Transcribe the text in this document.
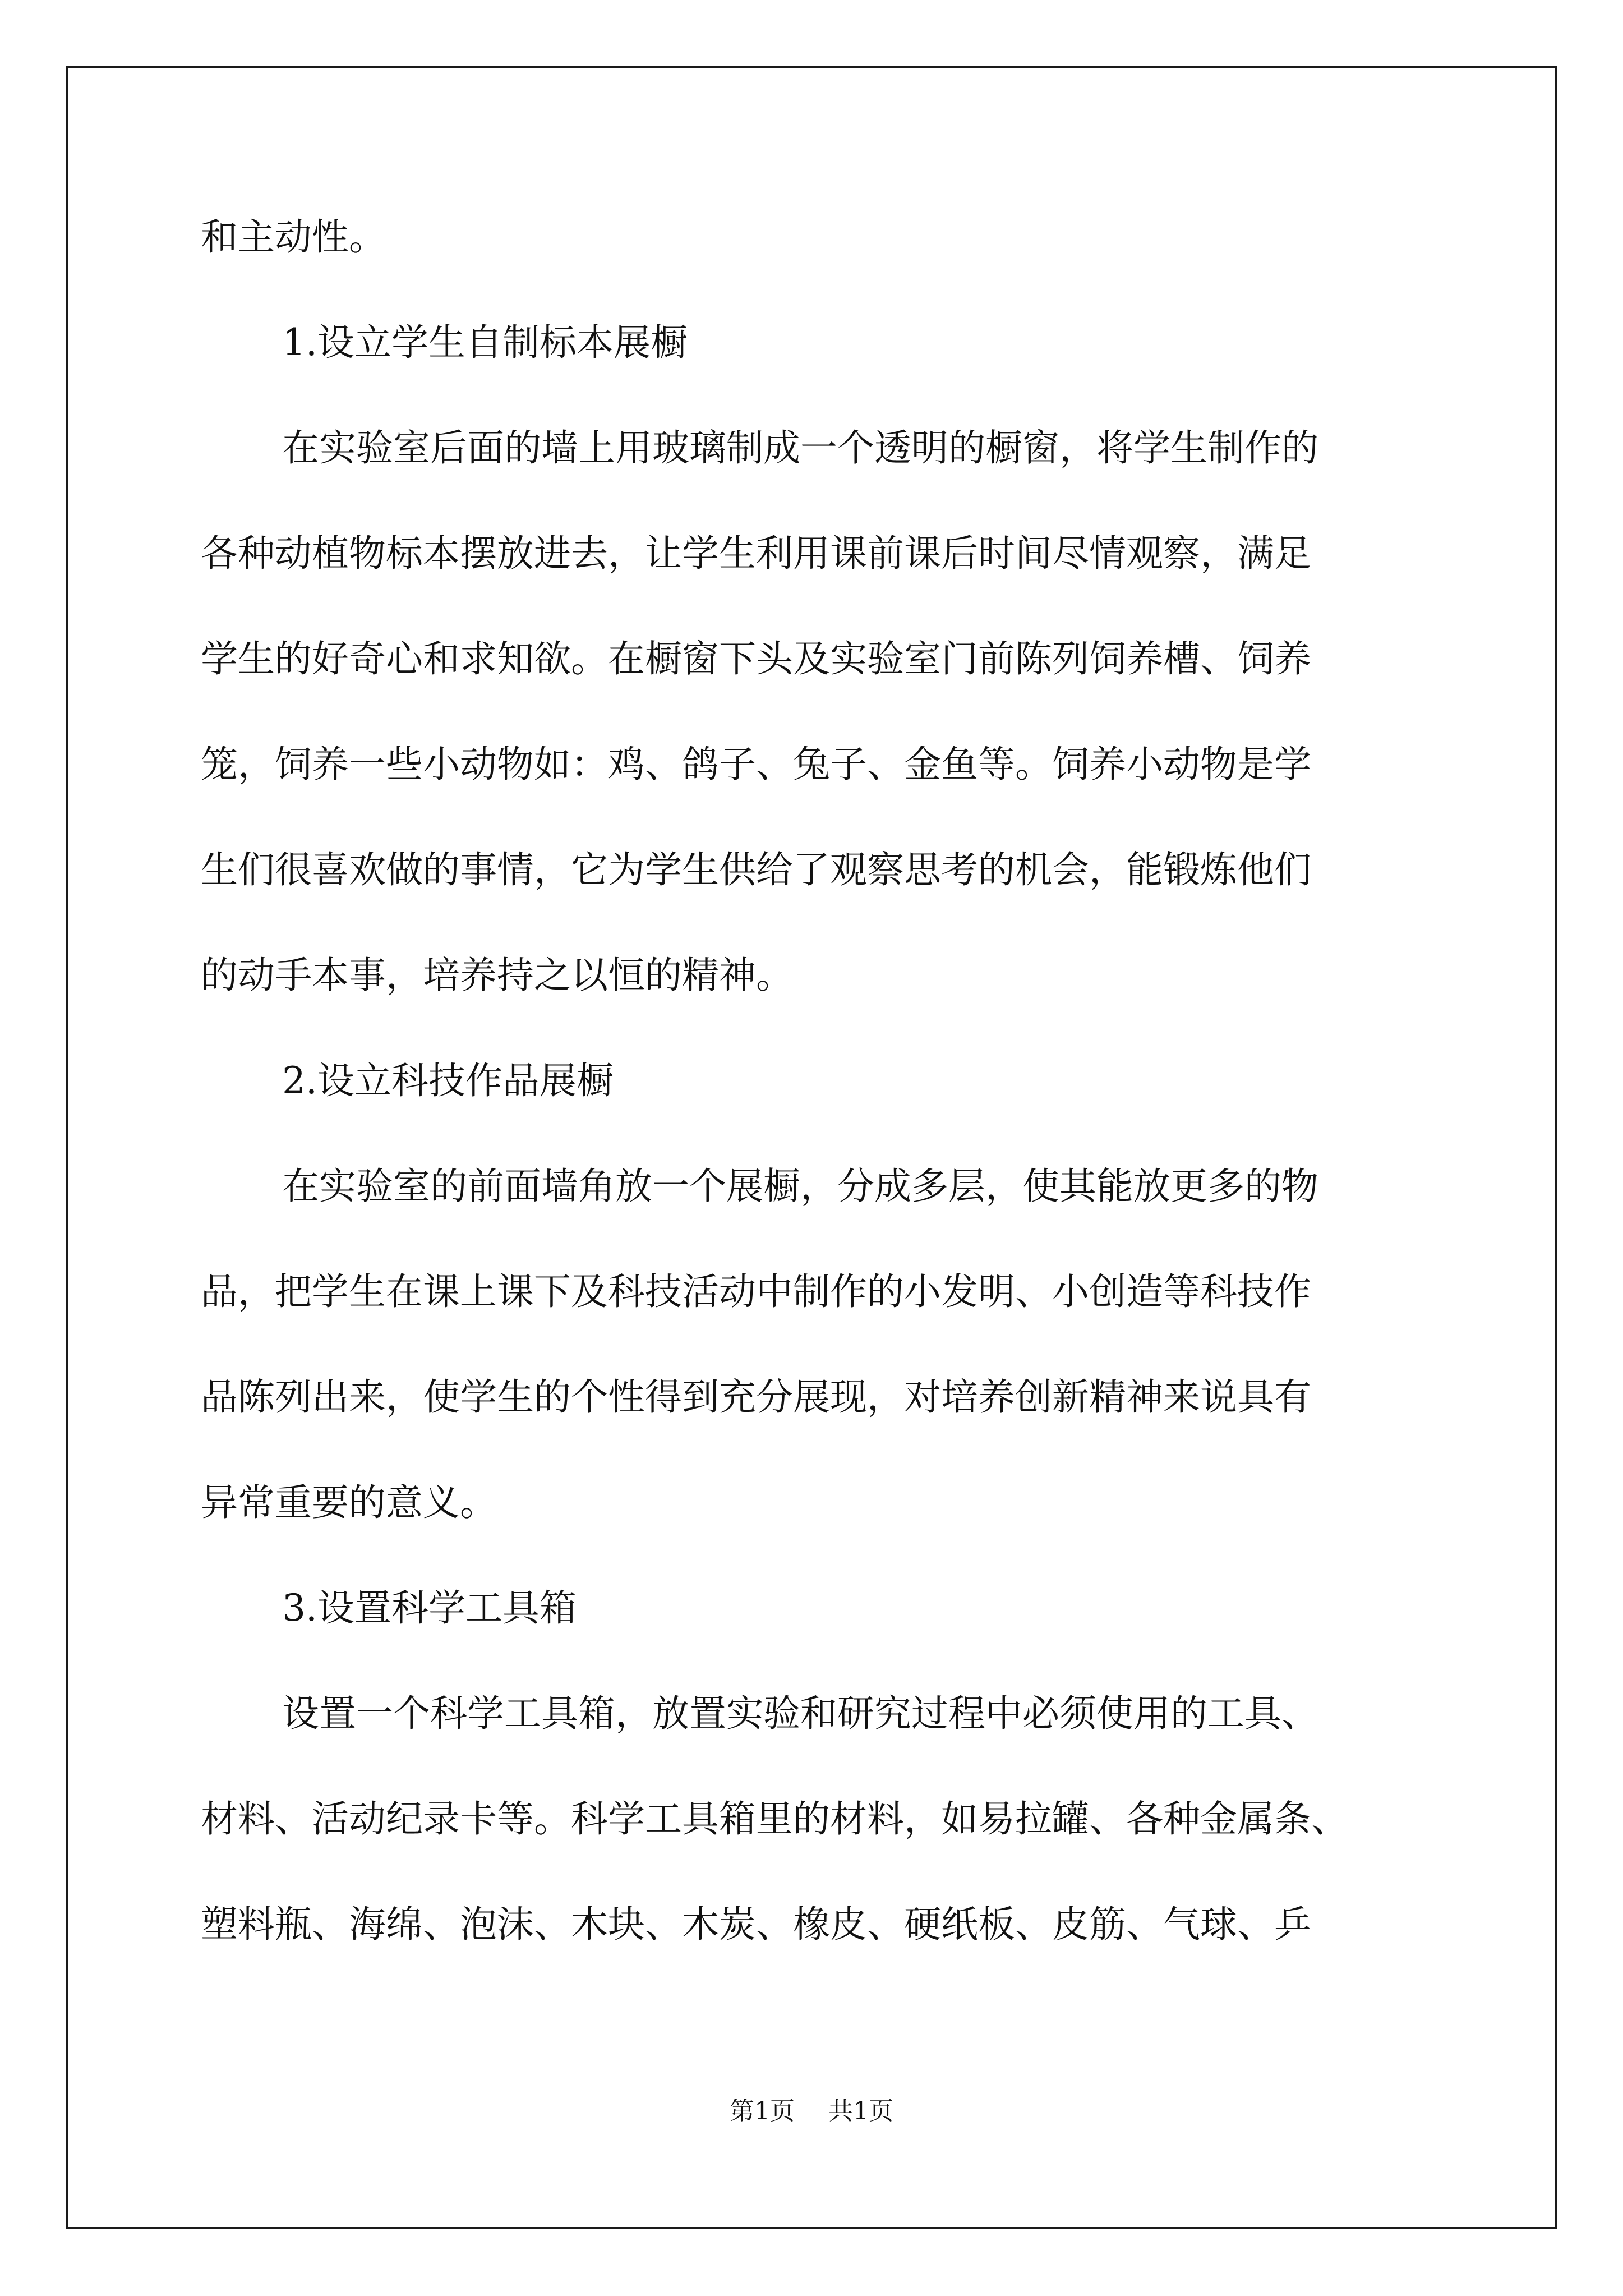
和主动性。
1.设立学生自制标本展橱
在实验室后面的墙上用玻璃制成一个透明的橱窗，将学生制作的
各种动植物标本摆放进去，让学生利用课前课后时间尽情观察，满足
学生的好奇心和求知欲。在橱窗下头及实验室门前陈列饲养槽、饲养
笼，饲养一些小动物如：鸡、鸽子、兔子、金鱼等。饲养小动物是学
生们很喜欢做的事情，它为学生供给了观察思考的机会，能锻炼他们
的动手本事，培养持之以恒的精神。
2.设立科技作品展橱
在实验室的前面墙角放一个展橱，分成多层，使其能放更多的物
品，把学生在课上课下及科技活动中制作的小发明、小创造等科技作
品陈列出来，使学生的个性得到充分展现，对培养创新精神来说具有
异常重要的意义。
3.设置科学工具箱
设置一个科学工具箱，放置实验和研究过程中必须使用的工具、
材料、活动纪录卡等。科学工具箱里的材料，如易拉罐、各种金属条、
塑料瓶、海绵、泡沫、木块、木炭、橡皮、硬纸板、皮筋、气球、乒
第1页 共1页
